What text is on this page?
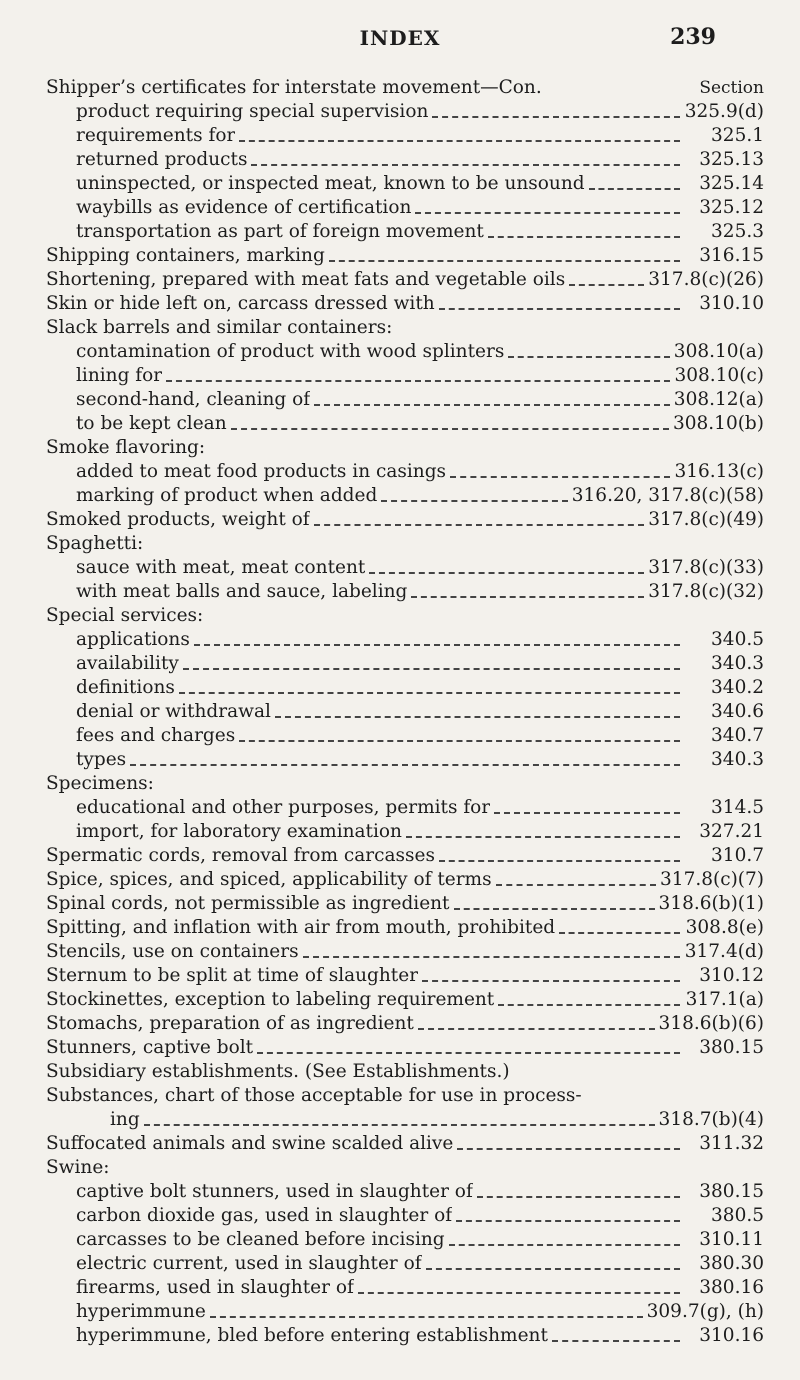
INDEX	239
Shipper’s certificates for interstate movement—Con.	Section
product requiring special supervision	325.9(d)
requirements for	325.1
returned products	325.13
uninspected, or inspected meat, known to be unsound	325.14
waybills as evidence of certification	325.12
transportation as part of foreign movement	325.3
Shipping containers, marking	316.15
Shortening, prepared with meat fats and vegetable oils	317.8(c)(26)
Skin or hide left on, carcass dressed with	310.10
Slack barrels and similar containers:
contamination of product with wood splinters	308.10(a)
lining for	308.10(c)
second-hand, cleaning of	308.12(a)
to be kept clean	308.10(b)
Smoke flavoring:
added to meat food products in casings	316.13(c)
marking of product when added	316.20, 317.8(c)(58)
Smoked products, weight of	317.8(c)(49)
Spaghetti:
sauce with meat, meat content	317.8(c)(33)
with meat balls and sauce, labeling	317.8(c)(32)
Special services:
applications	340.5
availability	340.3
definitions	340.2
denial or withdrawal	340.6
fees and charges	340.7
types	340.3
Specimens:
educational and other purposes, permits for	314.5
import, for laboratory examination	327.21
Spermatic cords, removal from carcasses	310.7
Spice, spices, and spiced, applicability of terms	317.8(c)(7)
Spinal cords, not permissible as ingredient	318.6(b)(1)
Spitting, and inflation with air from mouth, prohibited	308.8(e)
Stencils, use on containers	317.4(d)
Sternum to be split at time of slaughter	310.12
Stockinettes, exception to labeling requirement	317.1(a)
Stomachs, preparation of as ingredient	318.6(b)(6)
Stunners, captive bolt	380.15
Subsidiary establishments. (See Establishments.)
Substances, chart of those acceptable for use in process-
ing	318.7(b)(4)
Suffocated animals and swine scalded alive	311.32
Swine:
captive bolt stunners, used in slaughter of	380.15
carbon dioxide gas, used in slaughter of	380.5
carcasses to be cleaned before incising	310.11
electric current, used in slaughter of	380.30
firearms, used in slaughter of	380.16
hyperimmune	309.7(g), (h)
hyperimmune, bled before entering establishment	310.16
